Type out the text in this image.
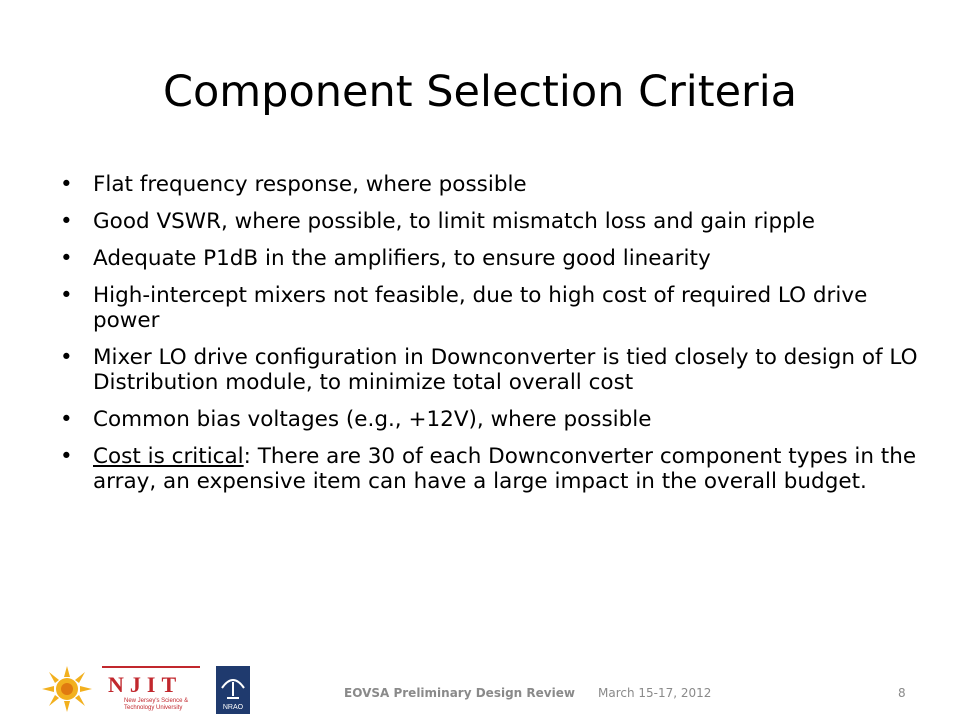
Component Selection Criteria
• Flat frequency response, where possible
• Good VSWR, where possible, to limit mismatch loss and gain ripple
• Adequate P1dB in the amplifiers, to ensure good linearity
• High-intercept mixers not feasible, due to high cost of required LO drive power
• Mixer LO drive configuration in Downconverter is tied closely to design of LO Distribution module, to minimize total overall cost
• Common bias voltages (e.g., +12V), where possible
• Cost is critical: There are 30 of each Downconverter component types in the array, an expensive item can have a large impact in the overall budget.
NJIT
New Jersey's Science & Technology University	NRAO
EOVSA Preliminary Design Review March 15-17, 2012	8
